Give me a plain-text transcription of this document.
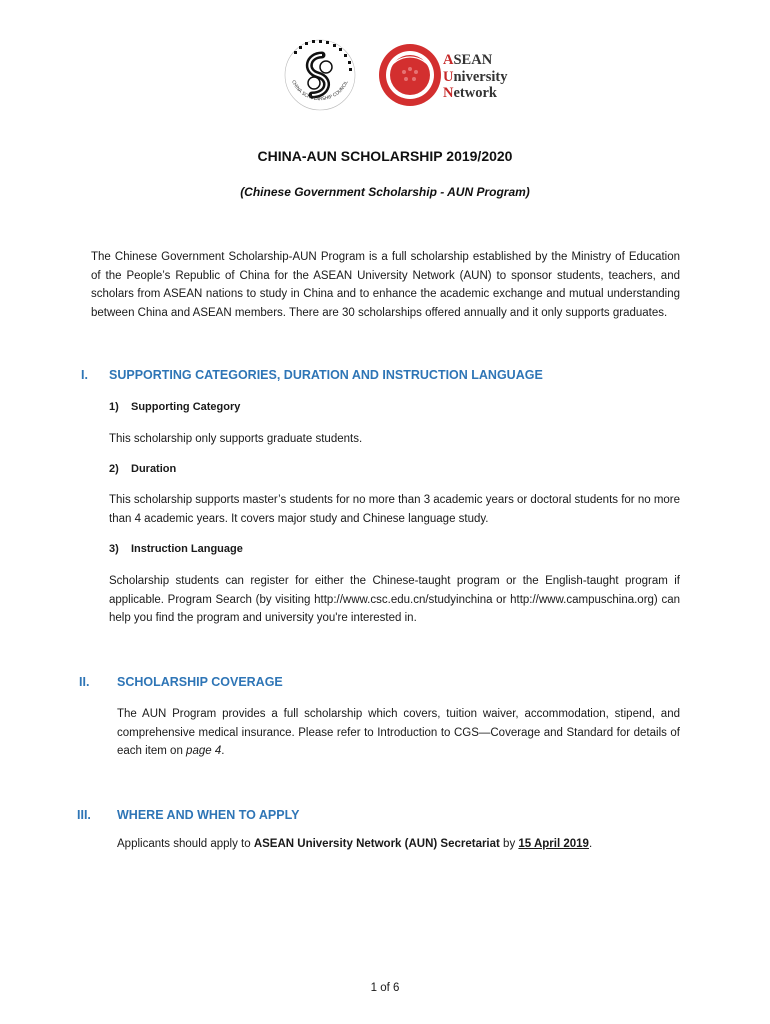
CHINA SCHOLARSHIP COUNCIL
ASEAN
University
Network
CHINA-AUN SCHOLARSHIP 2019/2020
(Chinese Government Scholarship - AUN Program)
The Chinese Government Scholarship-AUN Program is a full scholarship established by the Ministry of Education of the People’s Republic of China for the ASEAN University Network (AUN) to sponsor students, teachers, and scholars from ASEAN nations to study in China and to enhance the academic exchange and mutual understanding between China and ASEAN members. There are 30 scholarships offered annually and it only supports graduates.
I. SUPPORTING CATEGORIES, DURATION AND INSTRUCTION LANGUAGE
1) Supporting Category
This scholarship only supports graduate students.
2) Duration
This scholarship supports master’s students for no more than 3 academic years or doctoral students for no more than 4 academic years. It covers major study and Chinese language study.
3) Instruction Language
Scholarship students can register for either the Chinese-taught program or the English-taught program if applicable. Program Search (by visiting http://www.csc.edu.cn/studyinchina or http://www.campuschina.org) can help you find the program and university you're interested in.
II. SCHOLARSHIP COVERAGE
The AUN Program provides a full scholarship which covers, tuition waiver, accommodation, stipend, and comprehensive medical insurance. Please refer to Introduction to CGS—Coverage and Standard for details of each item on page 4.
III. WHERE AND WHEN TO APPLY
Applicants should apply to ASEAN University Network (AUN) Secretariat by 15 April 2019.
1 of 6
